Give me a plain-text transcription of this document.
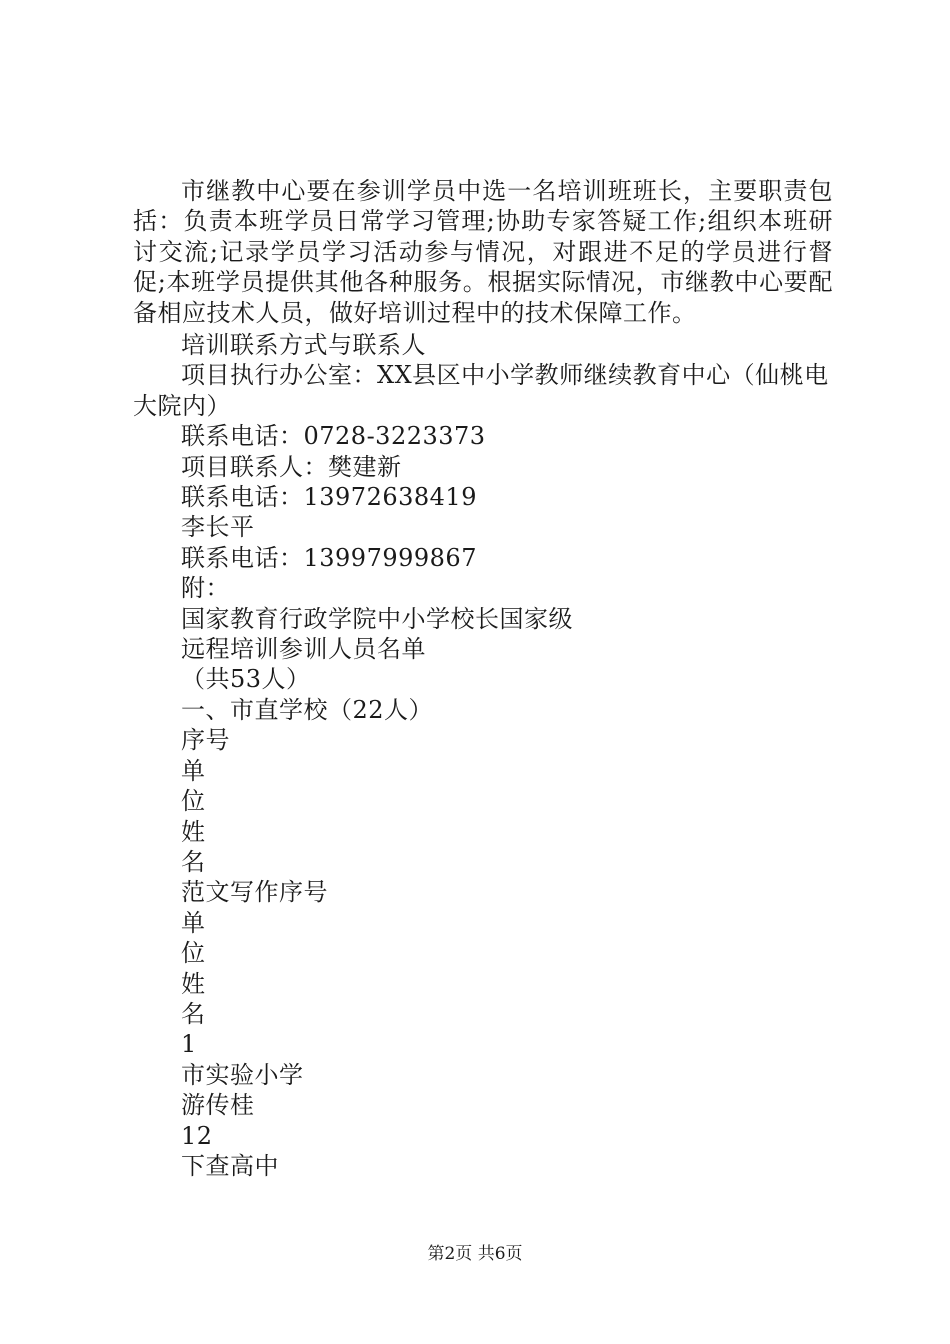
市继教中心要在参训学员中选一名培训班班长，主要职责包括：负责本班学员日常学习管理;协助专家答疑工作;组织本班研讨交流;记录学员学习活动参与情况，对跟进不足的学员进行督促;本班学员提供其他各种服务。根据实际情况，市继教中心要配备相应技术人员，做好培训过程中的技术保障工作。

培训联系方式与联系人
项目执行办公室：XX县区中小学教师继续教育中心（仙桃电大院内）
联系电话：0728-3223373
项目联系人：樊建新
联系电话：13972638419
李长平
联系电话：13997999867
附：
国家教育行政学院中小学校长国家级
远程培训参训人员名单
（共53人）
一、市直学校（22人）
序号
单
位
姓
名
范文写作序号
单
位
姓
名
1
市实验小学
游传桂
12
下查高中
第2页 共6页
